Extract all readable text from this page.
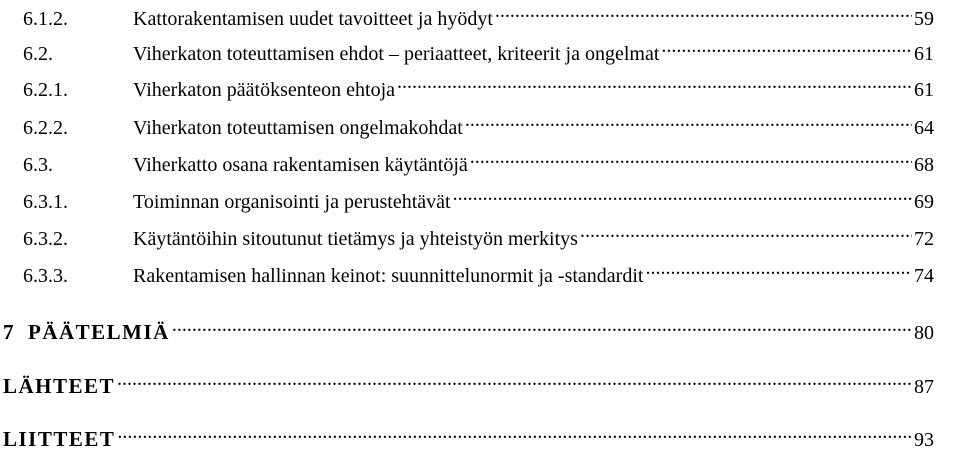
6.1.2.	Kattorakentamisen uudet tavoitteet ja hyödyt .....	59
6.2.	Viherkaton toteuttamisen ehdot – periaatteet, kriteerit ja ongelmat .....	61
6.2.1.	Viherkaton päätöksenteon ehtoja .....	61
6.2.2.	Viherkaton toteuttamisen ongelmakohdat .....	64
6.3.	Viherkatto osana rakentamisen käytäntöjä .....	68
6.3.1.	Toiminnan organisointi ja perustehtävät .....	69
6.3.2.	Käytäntöihin sitoutunut tietämys ja yhteistyön merkitys .....	72
6.3.3.	Rakentamisen hallinnan keinot: suunnittelunormit ja -standardit .....	74
7 PÄÄTELMIÄ .....	80
LÄHTEET .....	87
LIITTEET .....	93
